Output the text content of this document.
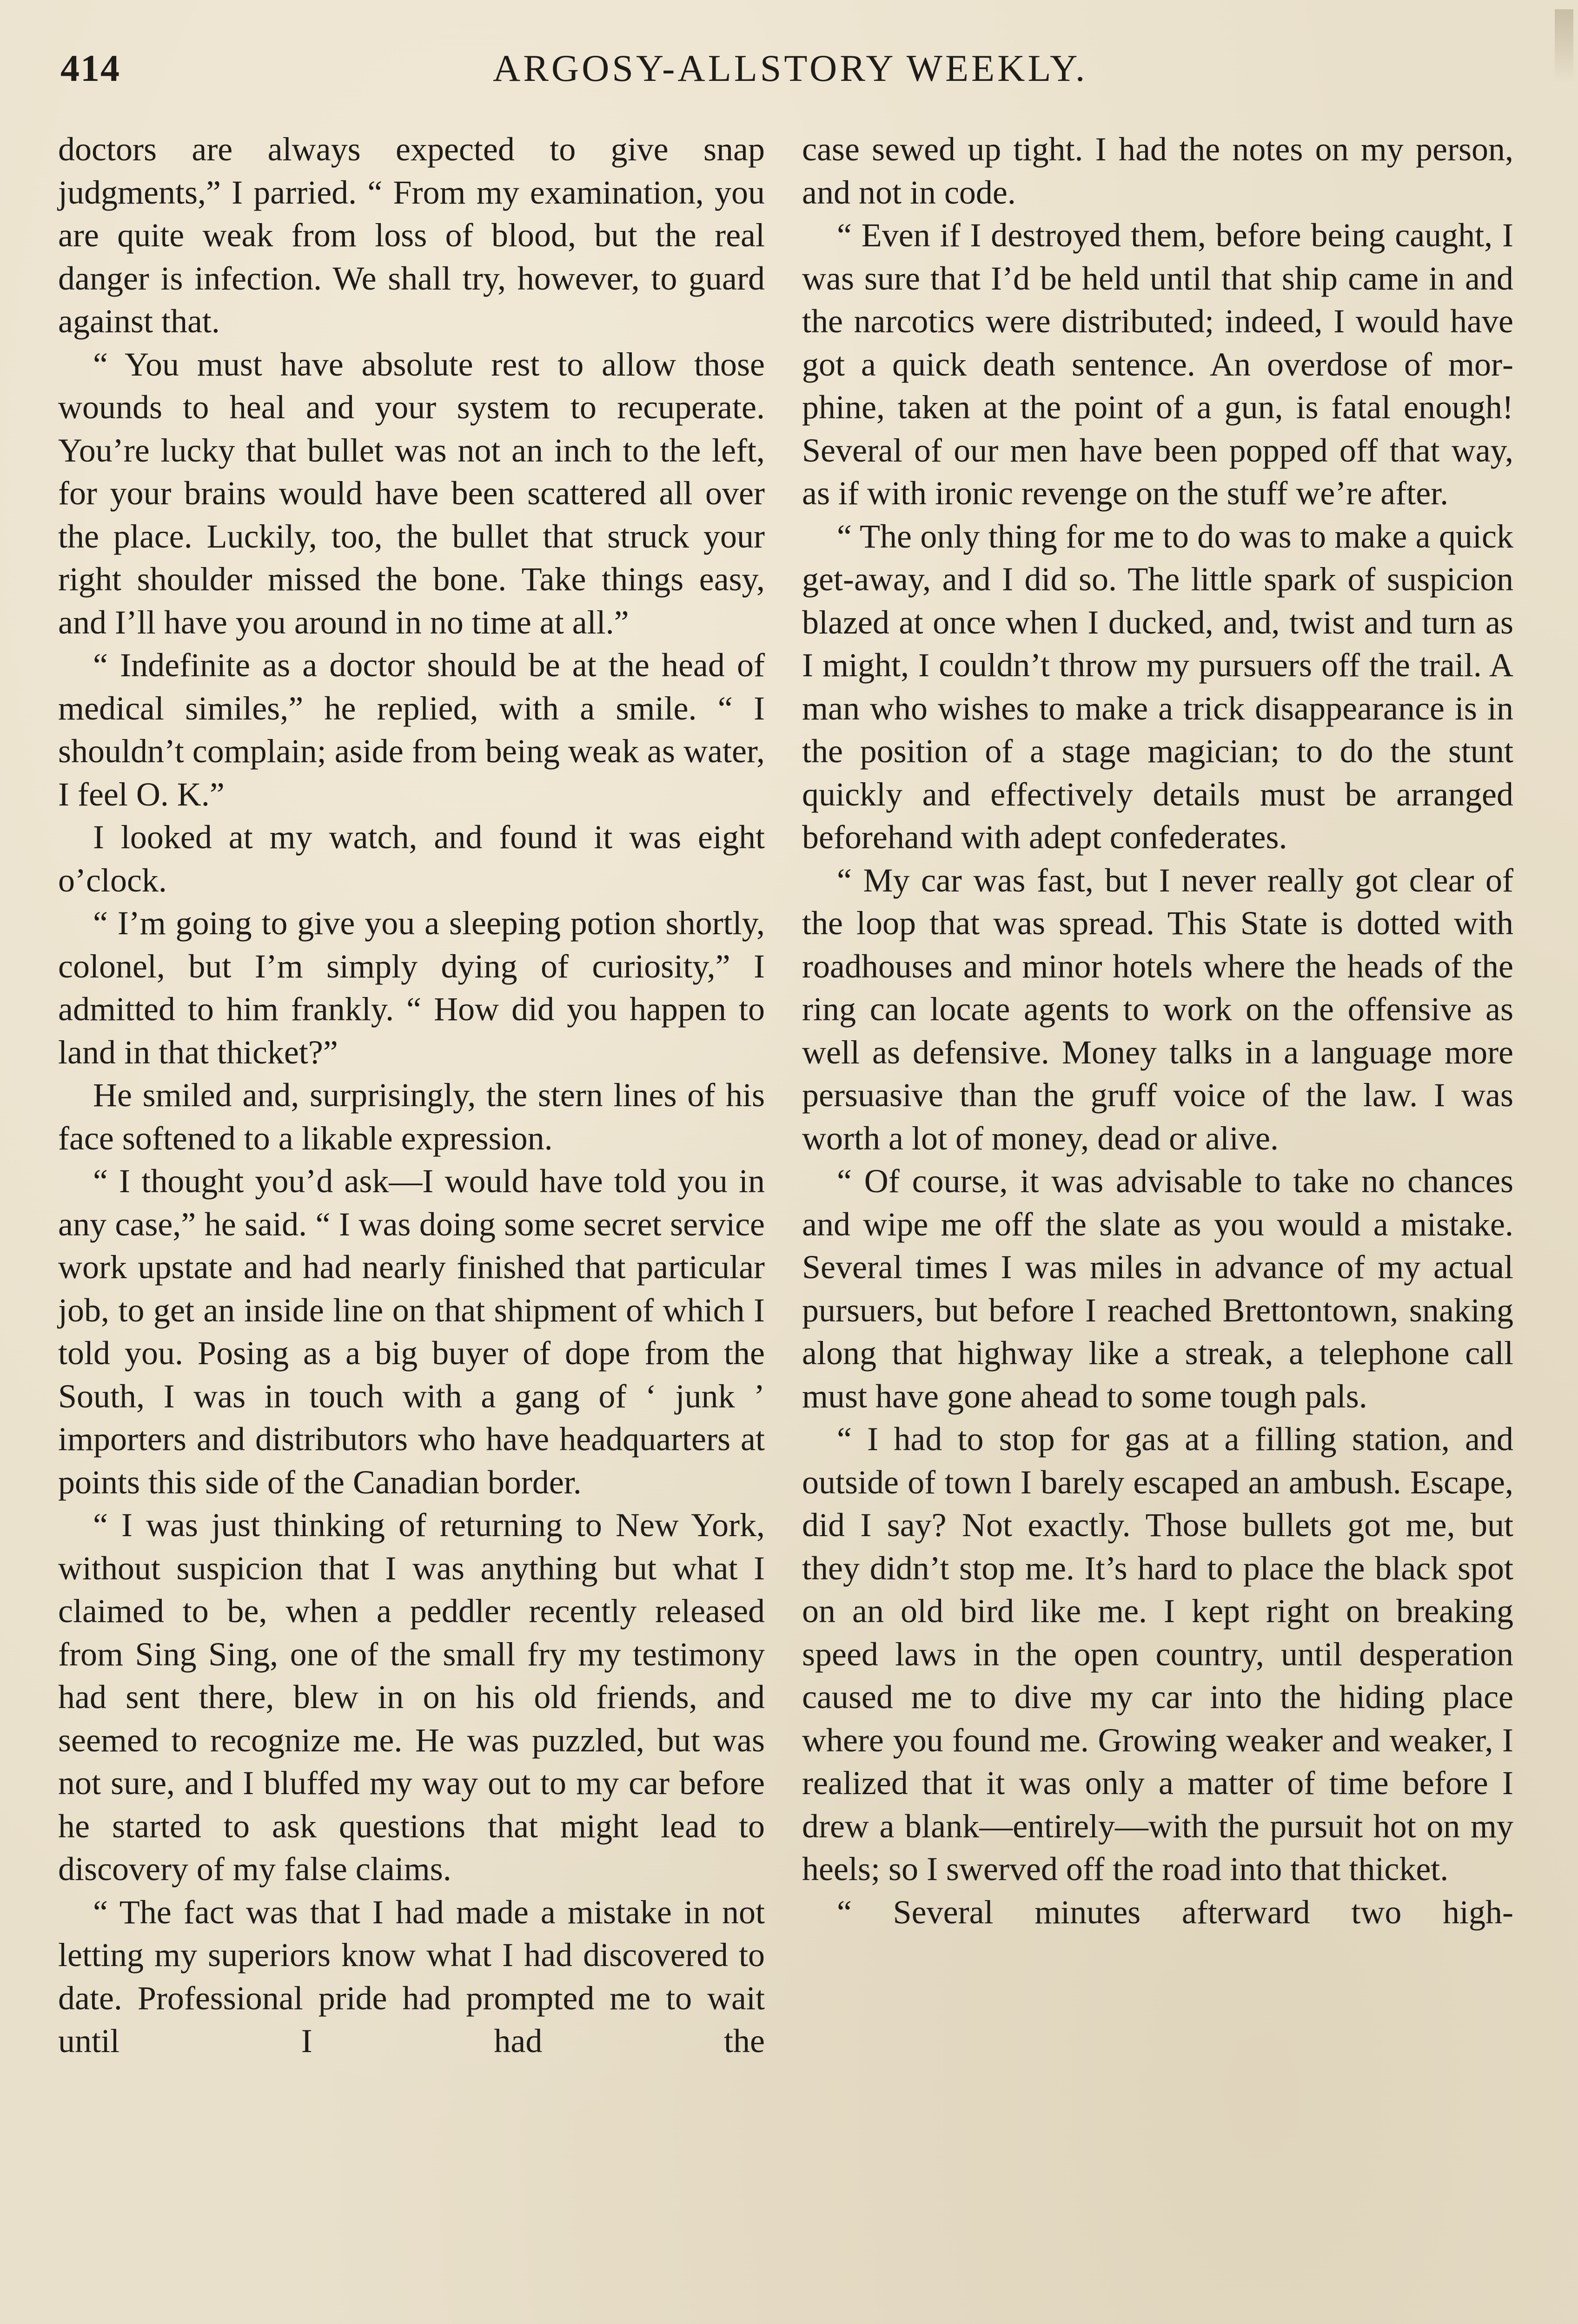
414	ARGOSY-ALLSTORY WEEKLY.

doctors are always expected to give snap judgments,” I parried. “ From my examination, you are quite weak from loss of blood, but the real danger is infection. We shall try, however, to guard against that.

“ You must have absolute rest to allow those wounds to heal and your system to recuperate. You’re lucky that bullet was not an inch to the left, for your brains would have been scattered all over the place. Luckily, too, the bullet that struck your right shoulder missed the bone. Take things easy, and I’ll have you around in no time at all.”

“ Indefinite as a doctor should be at the head of medical similes,” he replied, with a smile. “ I shouldn’t complain; aside from being weak as water, I feel O. K.”

I looked at my watch, and found it was eight o’clock.

“ I’m going to give you a sleeping potion shortly, colonel, but I’m simply dying of curiosity,” I admitted to him frankly. “ How did you happen to land in that thicket?”

He smiled and, surprisingly, the stern lines of his face softened to a likable expression.

“ I thought you’d ask—I would have told you in any case,” he said. “ I was doing some secret service work upstate and had nearly finished that particular job, to get an inside line on that shipment of which I told you. Posing as a big buyer of dope from the South, I was in touch with a gang of ‘ junk ’ importers and distributors who have headquarters at points this side of the Canadian border.

“ I was just thinking of returning to New York, without suspicion that I was anything but what I claimed to be, when a peddler recently released from Sing Sing, one of the small fry my testimony had sent there, blew in on his old friends, and seemed to recognize me. He was puzzled, but was not sure, and I bluffed my way out to my car before he started to ask questions that might lead to discovery of my false claims.

“ The fact was that I had made a mistake in not letting my superiors know what I had discovered to date. Professional pride had prompted me to wait until I had the

case sewed up tight. I had the notes on my person, and not in code.

“ Even if I destroyed them, before being caught, I was sure that I’d be held until that ship came in and the narcotics were distributed; indeed, I would have got a quick death sentence. An overdose of morphine, taken at the point of a gun, is fatal enough! Several of our men have been popped off that way, as if with ironic revenge on the stuff we’re after.

“ The only thing for me to do was to make a quick get-away, and I did so. The little spark of suspicion blazed at once when I ducked, and, twist and turn as I might, I couldn’t throw my pursuers off the trail. A man who wishes to make a trick disappearance is in the position of a stage magician; to do the stunt quickly and effectively details must be arranged beforehand with adept confederates.

“ My car was fast, but I never really got clear of the loop that was spread. This State is dotted with roadhouses and minor hotels where the heads of the ring can locate agents to work on the offensive as well as defensive. Money talks in a language more persuasive than the gruff voice of the law. I was worth a lot of money, dead or alive.

“ Of course, it was advisable to take no chances and wipe me off the slate as you would a mistake. Several times I was miles in advance of my actual pursuers, but before I reached Brettontown, snaking along that highway like a streak, a telephone call must have gone ahead to some tough pals.

“ I had to stop for gas at a filling station, and outside of town I barely escaped an ambush. Escape, did I say? Not exactly. Those bullets got me, but they didn’t stop me. It’s hard to place the black spot on an old bird like me. I kept right on breaking speed laws in the open country, until desperation caused me to dive my car into the hiding place where you found me. Growing weaker and weaker, I realized that it was only a matter of time before I drew a blank—entirely—with the pursuit hot on my heels; so I swerved off the road into that thicket.

“ Several minutes afterward two high-
